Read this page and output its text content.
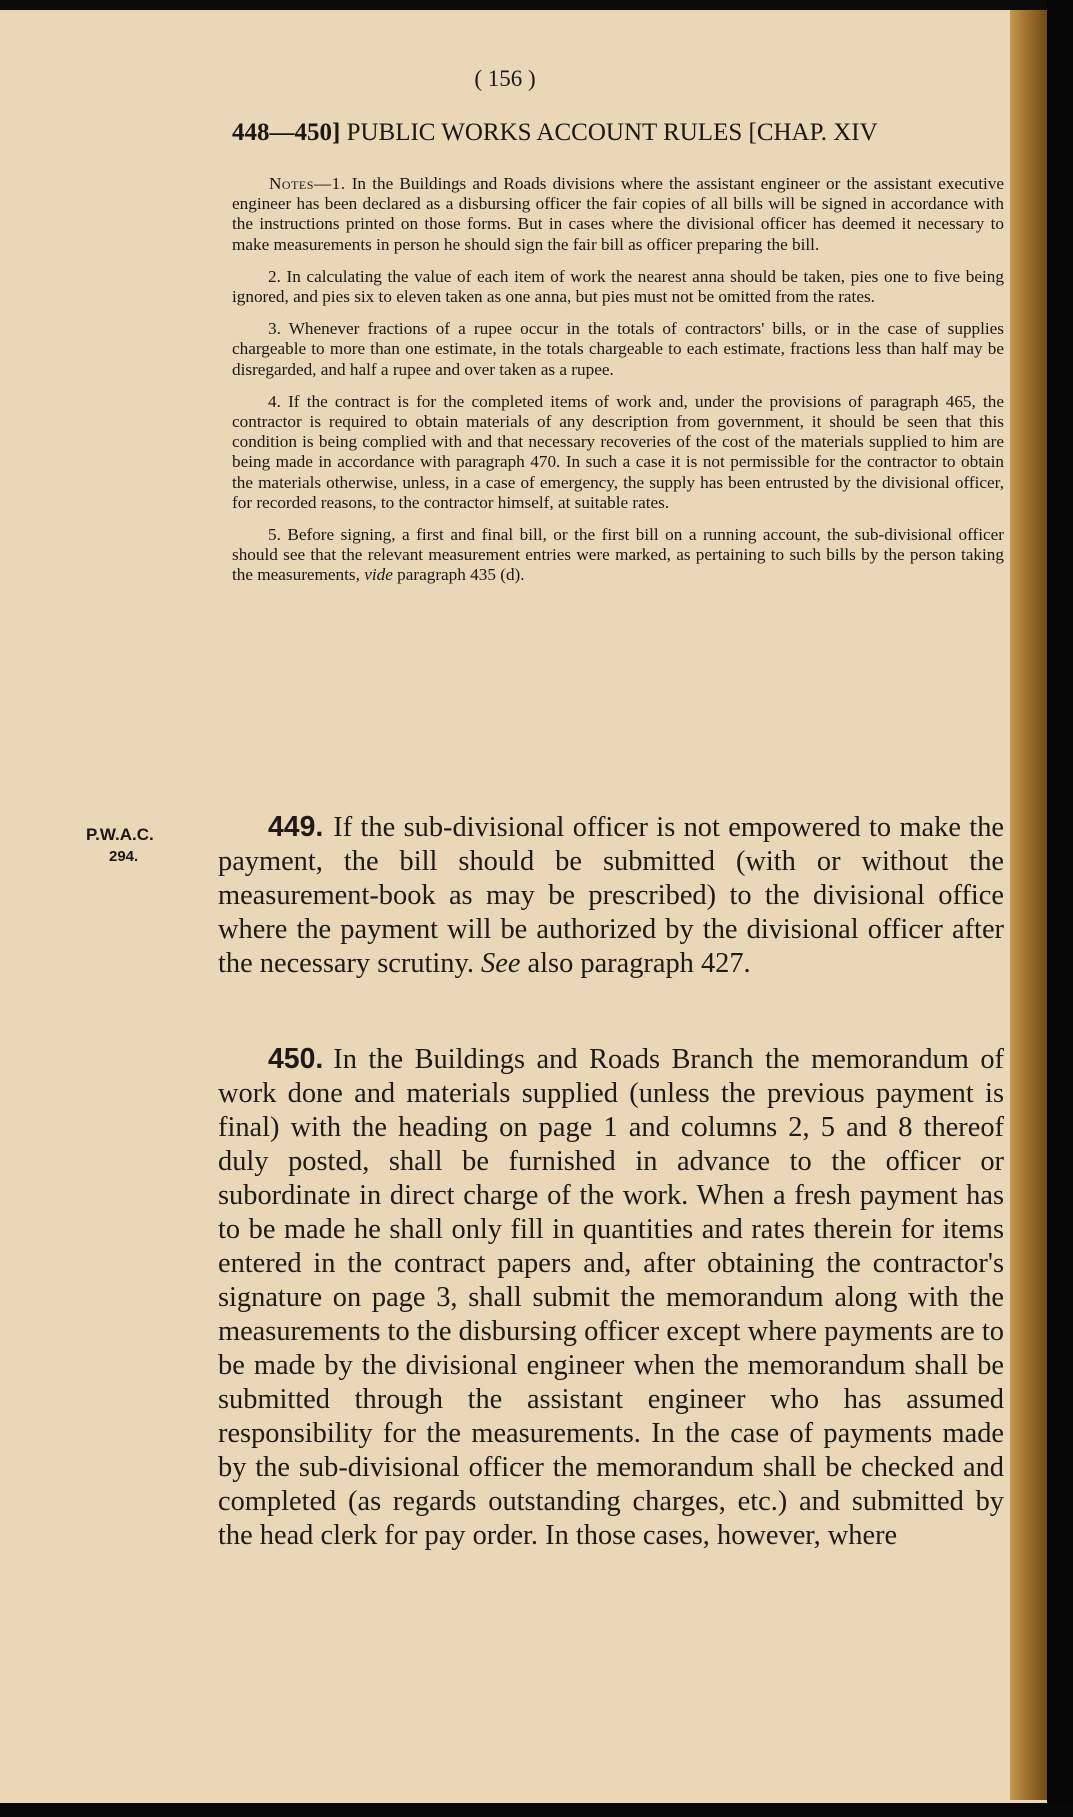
( 156 )
448—450] PUBLIC WORKS ACCOUNT RULES [CHAP. XIV

Notes—1. In the Buildings and Roads divisions where the assistant engineer or the assistant executive engineer has been declared as a disbursing officer the fair copies of all bills will be signed in accordance with the instructions printed on those forms. But in cases where the divisional officer has deemed it necessary to make measurements in person he should sign the fair bill as officer preparing the bill.

2. In calculating the value of each item of work the nearest anna should be taken, pies one to five being ignored, and pies six to eleven taken as one anna, but pies must not be omitted from the rates.

3. Whenever fractions of a rupee occur in the totals of contractors' bills, or in the case of supplies chargeable to more than one estimate, in the totals chargeable to each estimate, fractions less than half may be disregarded, and half a rupee and over taken as a rupee.

4. If the contract is for the completed items of work and, under the provisions of paragraph 465, the contractor is required to obtain materials of any description from government, it should be seen that this condition is being complied with and that necessary recoveries of the cost of the materials supplied to him are being made in accordance with paragraph 470. In such a case it is not permissible for the contractor to obtain the materials otherwise, unless, in a case of emergency, the supply has been entrusted by the divisional officer, for recorded reasons, to the contractor himself, at suitable rates.

5. Before signing, a first and final bill, or the first bill on a running account, the sub-divisional officer should see that the relevant measurement entries were marked, as pertaining to such bills by the person taking the measurements, vide paragraph 435 (d).

P.W.A.C.
294.
449. If the sub-divisional officer is not empowered to make the payment, the bill should be submitted (with or without the measurement-book as may be prescribed) to the divisional office where the payment will be authorized by the divisional officer after the necessary scrutiny. See also paragraph 427.
450. In the Buildings and Roads Branch the memorandum of work done and materials supplied (unless the previous payment is final) with the heading on page 1 and columns 2, 5 and 8 thereof duly posted, shall be furnished in advance to the officer or subordinate in direct charge of the work. When a fresh payment has to be made he shall only fill in quantities and rates therein for items entered in the contract papers and, after obtaining the contractor's signature on page 3, shall submit the memorandum along with the measurements to the disbursing officer except where payments are to be made by the divisional engineer when the memorandum shall be submitted through the assistant engineer who has assumed responsibility for the measurements. In the case of payments made by the sub-divisional officer the memorandum shall be checked and completed (as regards outstanding charges, etc.) and submitted by the head clerk for pay order. In those cases, however, where
